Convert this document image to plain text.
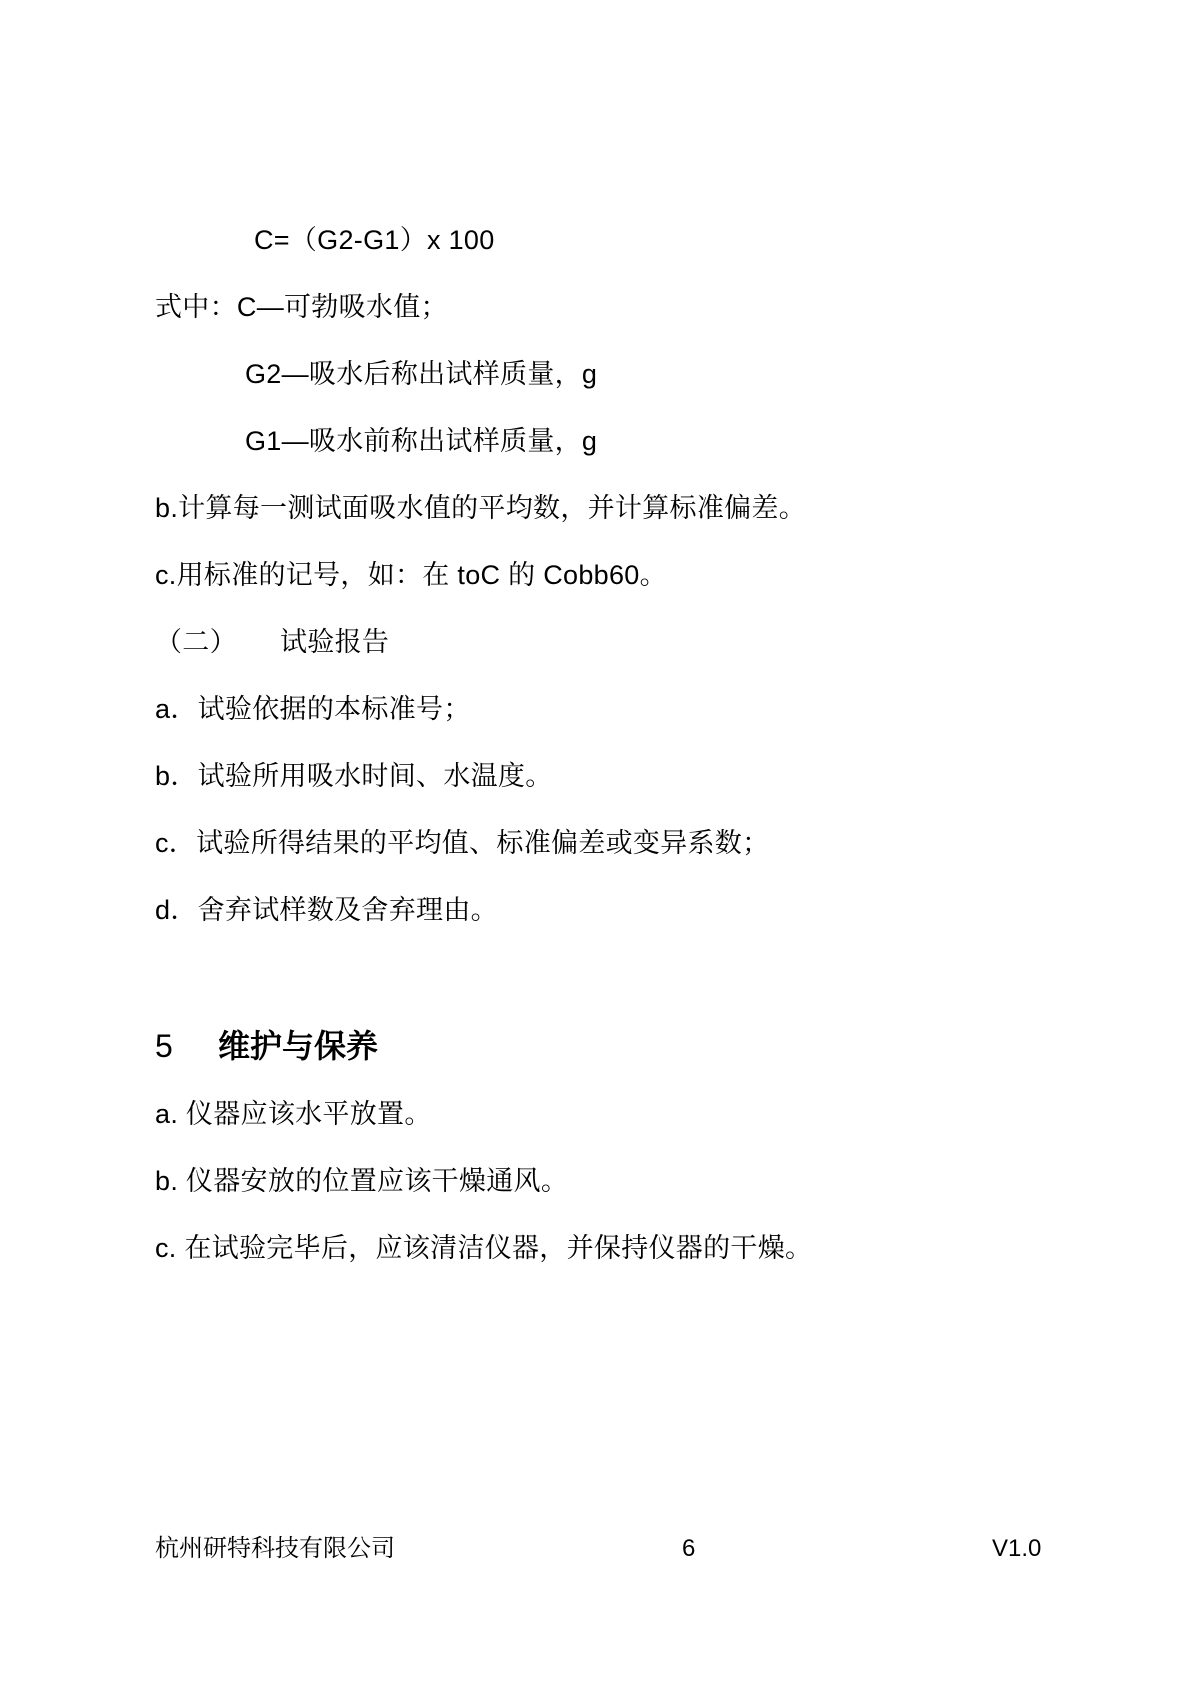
C=（G2-G1）x 100
式中：C—可勃吸水值；
G2—吸水后称出试样质量，g
G1—吸水前称出试样质量，g
b.计算每一测试面吸水值的平均数，并计算标准偏差。
c.用标准的记号，如：在 toC 的 Cobb60。
（二） 试验报告
a．试验依据的本标准号；
b．试验所用吸水时间、水温度。
c．试验所得结果的平均值、标准偏差或变异系数；
d．舍弃试样数及舍弃理由。
5 维护与保养
a. 仪器应该水平放置。
b. 仪器安放的位置应该干燥通风。
c. 在试验完毕后，应该清洁仪器，并保持仪器的干燥。
杭州研特科技有限公司	6	V1.0
